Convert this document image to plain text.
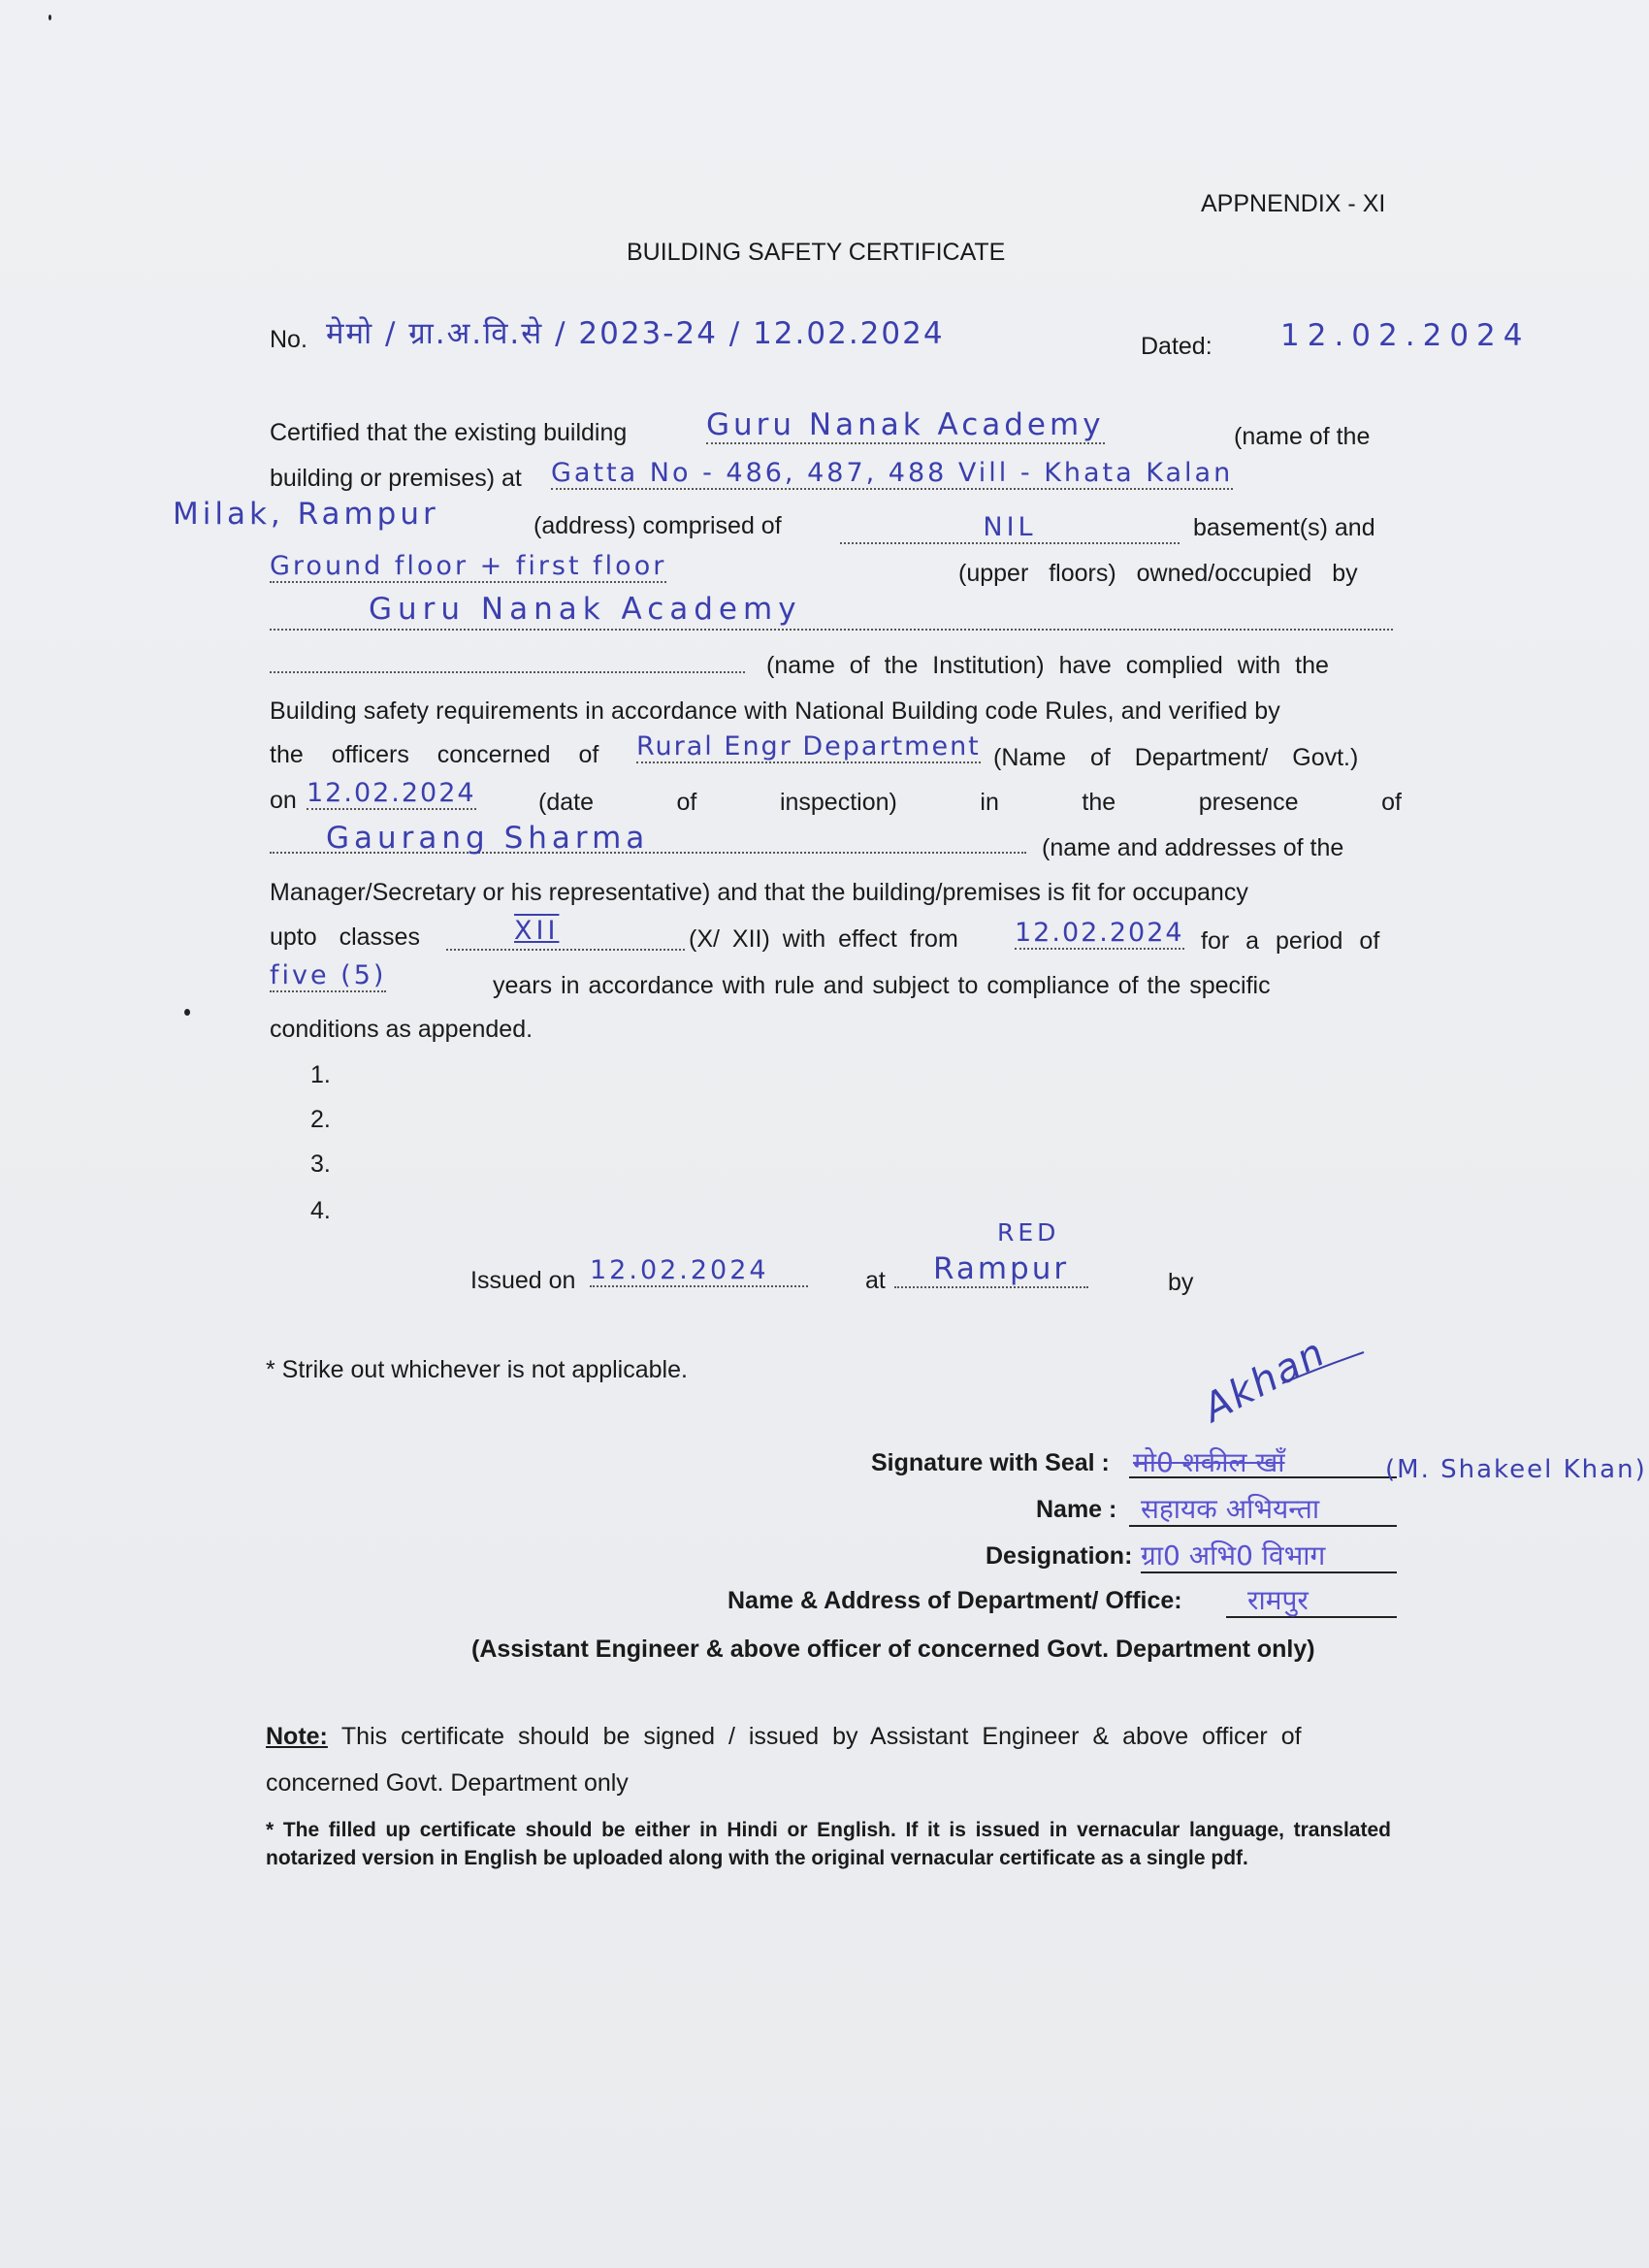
APPNENDIX - XI
BUILDING SAFETY CERTIFICATE
No. मेमो / ग्रा.अ.वि.से / 2023-24 / 12.02.2024	Dated: 12.02.2024
Certified that the existing building	Guru Nanak Academy	(name of the
building or premises) at Gatta No - 486, 487, 488 Vill - Khata Kalan
Milak, Rampur	(address) comprised of	NIL	basement(s) and
Ground floor + first floor	(upper floors) owned/occupied by
Guru Nanak Academy
(name of the Institution) have complied with the
Building safety requirements in accordance with National Building code Rules, and verified by
the officers concerned of Rural Engr Department (Name of Department/ Govt.)
on 12.02.2024	(date	of	inspection)	in	the	presence	of
Gaurang Sharma	(name and addresses of the
Manager/Secretary or his representative) and that the building/premises is fit for occupancy
upto classes	XII	(X/ XII) with effect from 12.02.2024 for a period of
five (5)	years in accordance with rule and subject to compliance of the specific
conditions as appended.
1.
2.
3.
4.
Issued on 12.02.2024	at
RED
Rampur	by
* Strike out whichever is not applicable.	Akhan
Signature with Seal : मो0 शकील खाँ	(M. Shakeel Khan)
Name : सहायक अभियन्ता
Designation: ग्रा0 अभि0 विभाग
Name & Address of Department/ Office: रामपुर
(Assistant Engineer & above officer of concerned Govt. Department only)
Note: This certificate should be signed / issued by Assistant Engineer & above officer of
concerned Govt. Department only
* The filled up certificate should be either in Hindi or English. If it is issued in vernacular language, translated notarized version in English be uploaded along with the original vernacular certificate as a single pdf.
